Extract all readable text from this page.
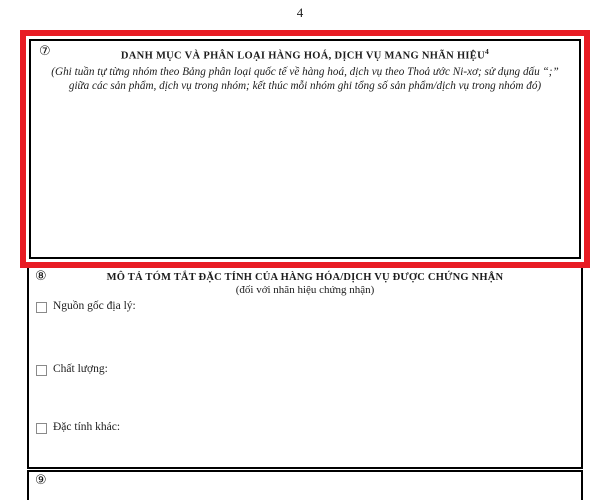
4
⑦	DANH MỤC VÀ PHÂN LOẠI HÀNG HOÁ, DỊCH VỤ MANG NHÃN HIỆU$^4$
(Ghi tuần tự từng nhóm theo Bảng phân loại quốc tế về hàng hoá, dịch vụ theo Thoả ước Ni-xơ; sử dụng dấu “;”
giữa các sản phẩm, dịch vụ trong nhóm; kết thúc mỗi nhóm ghi tổng số sản phẩm/dịch vụ trong nhóm đó)
⑧	MÔ TẢ TÓM TẮT ĐẶC TÍNH CỦA HÀNG HÓA/DỊCH VỤ ĐƯỢC CHỨNG NHẬN
(đối với nhãn hiệu chứng nhận)
Nguồn gốc địa lý:
Chất lượng:
Đặc tính khác:
⑨
